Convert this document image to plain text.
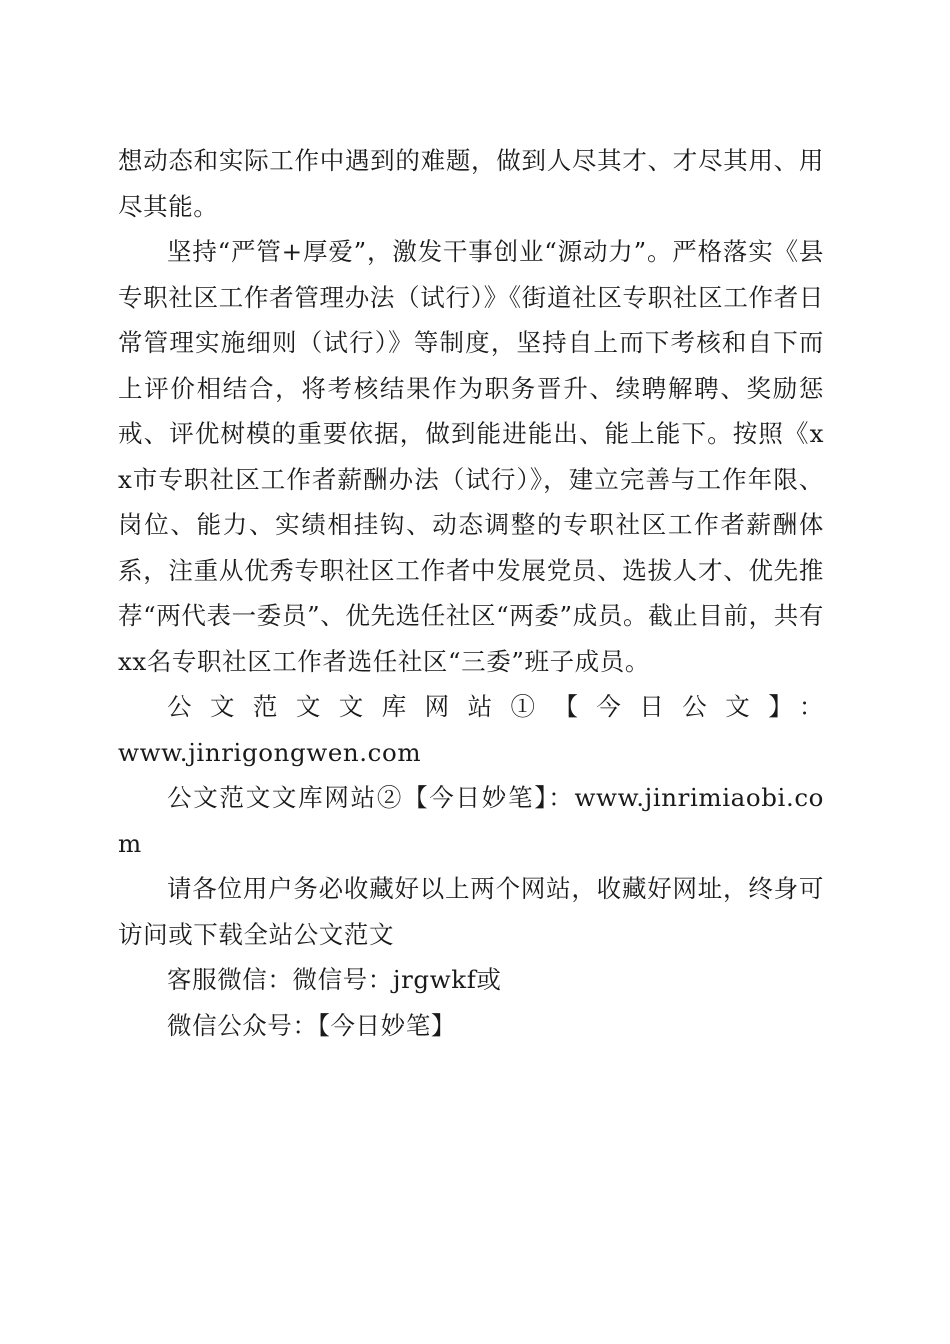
想动态和实际工作中遇到的难题，做到人尽其才、才尽其用、用尽其能。

坚持“严管+厚爱”，激发干事创业“源动力”。严格落实《县专职社区工作者管理办法（试行）》《街道社区专职社区工作者日常管理实施细则（试行）》等制度，坚持自上而下考核和自下而上评价相结合，将考核结果作为职务晋升、续聘解聘、奖励惩戒、评优树模的重要依据，做到能进能出、能上能下。按照《xx市专职社区工作者薪酬办法（试行）》，建立完善与工作年限、岗位、能力、实绩相挂钩、动态调整的专职社区工作者薪酬体系，注重从优秀专职社区工作者中发展党员、选拔人才、优先推荐“两代表一委员”、优先选任社区“两委”成员。截止目前，共有xx名专职社区工作者选任社区“三委”班子成员。

公文范文文库网站①【今日公文】：

www.jinrigongwen.com

公文范文文库网站②【今日妙笔】：www.jinrimiaobi.com

请各位用户务必收藏好以上两个网站，收藏好网址，终身可访问或下载全站公文范文

客服微信：微信号：jrgwkf或

微信公众号：【今日妙笔】
